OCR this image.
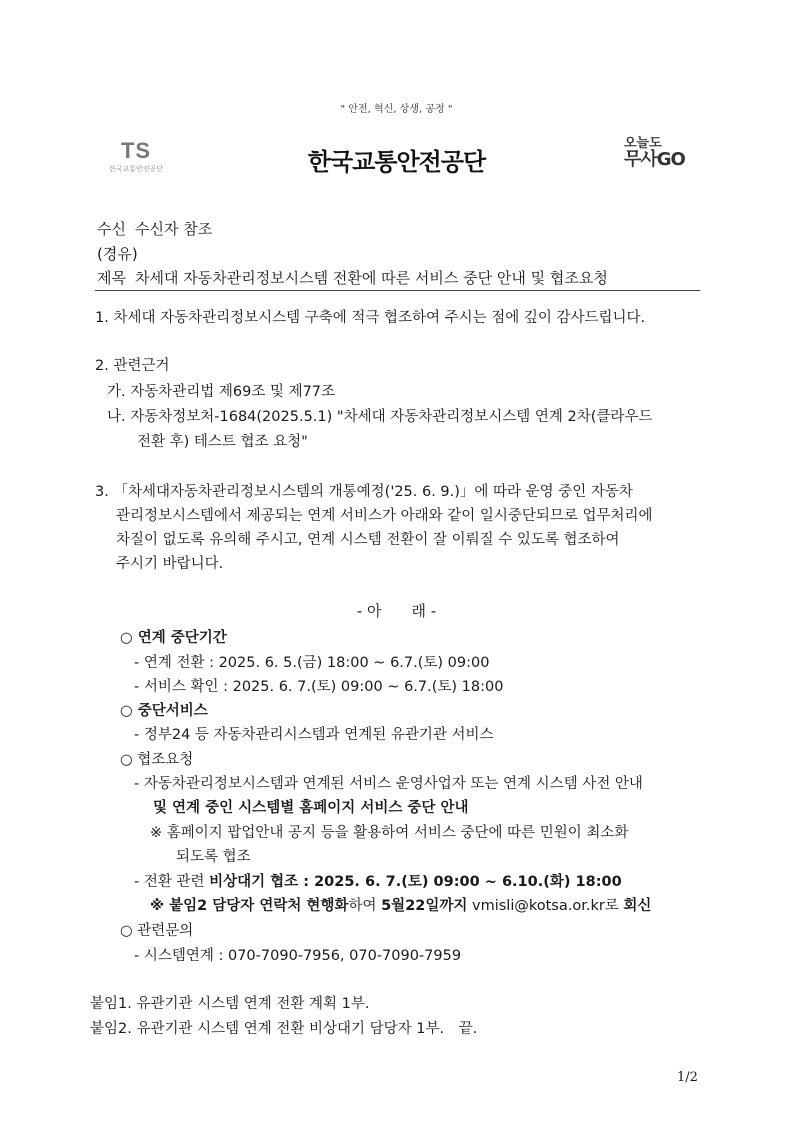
" 안전, 혁신, 상생, 공정 "
TS
한국교통안전공단	한국교통안전공단
오늘도
무사GO
수신 수신자 참조
(경유)
제목 차세대 자동차관리정보시스템 전환에 따른 서비스 중단 안내 및 협조요청
1. 차세대 자동차관리정보시스템 구축에 적극 협조하여 주시는 점에 깊이 감사드립니다.
2. 관련근거
가. 자동차관리법 제69조 및 제77조
나. 자동차정보처-1684(2025.5.1) "차세대 자동차관리정보시스템 연계 2차(클라우드
전환 후) 테스트 협조 요청"
3. 「차세대자동차관리정보시스템의 개통예정('25. 6. 9.)」에 따라 운영 중인 자동차
관리정보시스템에서 제공되는 연계 서비스가 아래와 같이 일시중단되므로 업무처리에
차질이 없도록 유의해 주시고, 연계 시스템 전환이 잘 이뤄질 수 있도록 협조하여
주시기 바랍니다.
- 아　　래 -
○ 연계 중단기간
- 연계 전환 : 2025. 6. 5.(금) 18:00 ~ 6.7.(토) 09:00
- 서비스 확인 : 2025. 6. 7.(토) 09:00 ~ 6.7.(토) 18:00
○ 중단서비스
- 정부24 등 자동차관리시스템과 연계된 유관기관 서비스
○ 협조요청
- 자동차관리정보시스템과 연계된 서비스 운영사업자 또는 연계 시스템 사전 안내
및 연계 중인 시스템별 홈페이지 서비스 중단 안내
※ 홈페이지 팝업안내 공지 등을 활용하여 서비스 중단에 따른 민원이 최소화
되도록 협조
- 전환 관련 비상대기 협조 : 2025. 6. 7.(토) 09:00 ~ 6.10.(화) 18:00
※ 붙임2 담당자 연락처 현행화하여 5월22일까지 vmisli@kotsa.or.kr로 회신
○ 관련문의
- 시스템연계 : 070-7090-7956, 070-7090-7959
붙임1. 유관기관 시스템 연계 전환 계획 1부.
붙임2. 유관기관 시스템 연계 전환 비상대기 담당자 1부.　끝.
1/2
